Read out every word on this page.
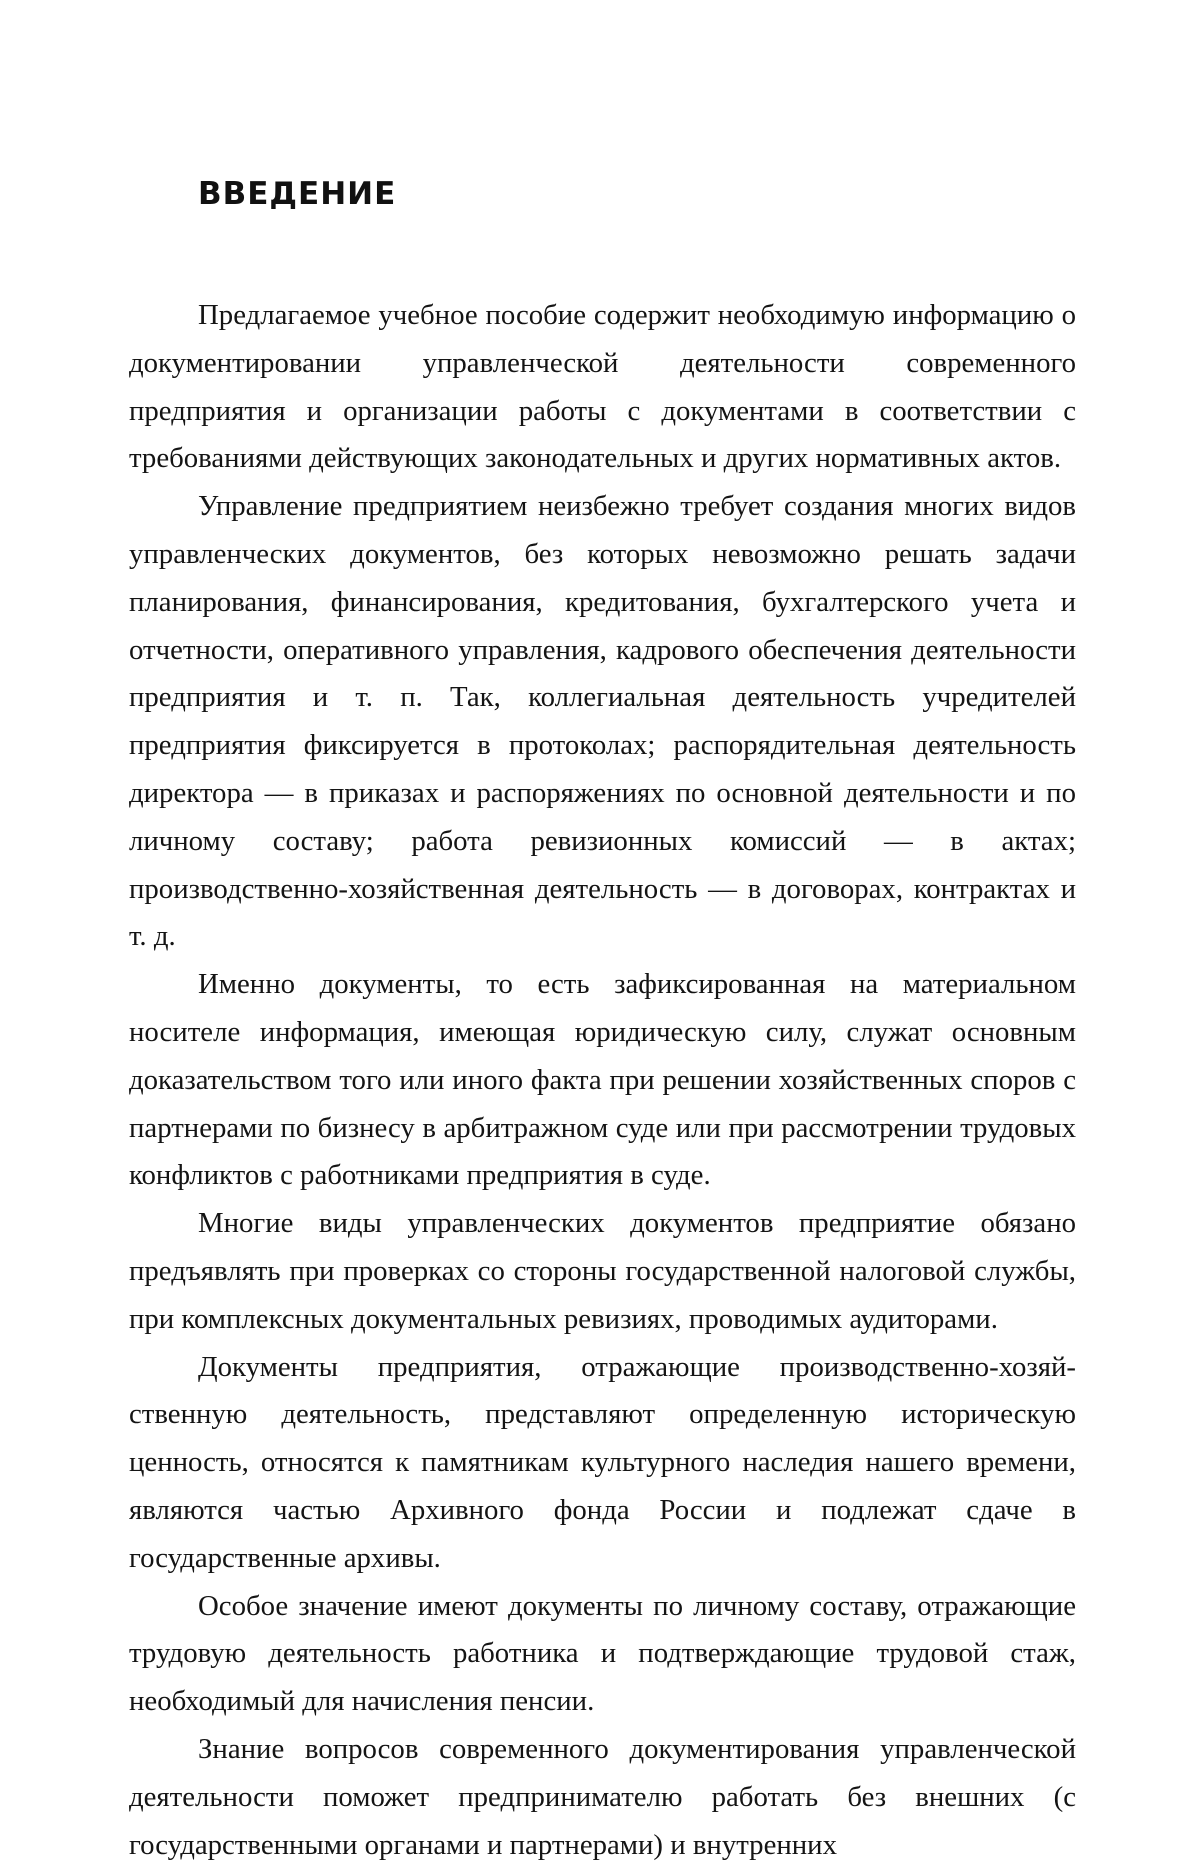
ВВЕДЕНИЕ

Предлагаемое учебное пособие содержит необходимую информацию о документировании управленческой деятельности современного предприятия и организации работы с документами в соответствии с требованиями действующих законодательных и других нормативных актов.

Управление предприятием неизбежно требует создания многих видов управленческих документов, без которых невозможно решать задачи планирования, финансирования, кредитования, бухгалтерского учета и отчетности, оперативного управления, кадрового обеспечения деятельности предприятия и т. п. Так, коллегиальная деятельность учредителей предприятия фиксируется в протоколах; распорядительная деятельность директора — в приказах и распоряжениях по основной деятельности и по личному составу; работа ревизионных комиссий — в актах; производственно-хозяйственная деятельность — в договорах, контрактах и т. д.

Именно документы, то есть зафиксированная на материальном носителе информация, имеющая юридическую силу, служат основным доказательством того или иного факта при решении хозяйственных споров с партнерами по бизнесу в арбитражном суде или при рассмотрении трудовых конфликтов с работниками предприятия в суде.

Многие виды управленческих документов предприятие обязано предъявлять при проверках со стороны государственной налоговой службы, при комплексных документальных ревизиях, проводимых аудиторами.

Документы предприятия, отражающие производственно-хозяйственную деятельность, представляют определенную историческую ценность, относятся к памятникам культурного наследия нашего времени, являются частью Архивного фонда России и подлежат сдаче в государственные архивы.

Особое значение имеют документы по личному составу, отражающие трудовую деятельность работника и подтверждающие трудовой стаж, необходимый для начисления пенсии.

Знание вопросов современного документирования управленческой деятельности поможет предпринимателю работать без внешних (с государственными органами и партнерами) и внутренних
